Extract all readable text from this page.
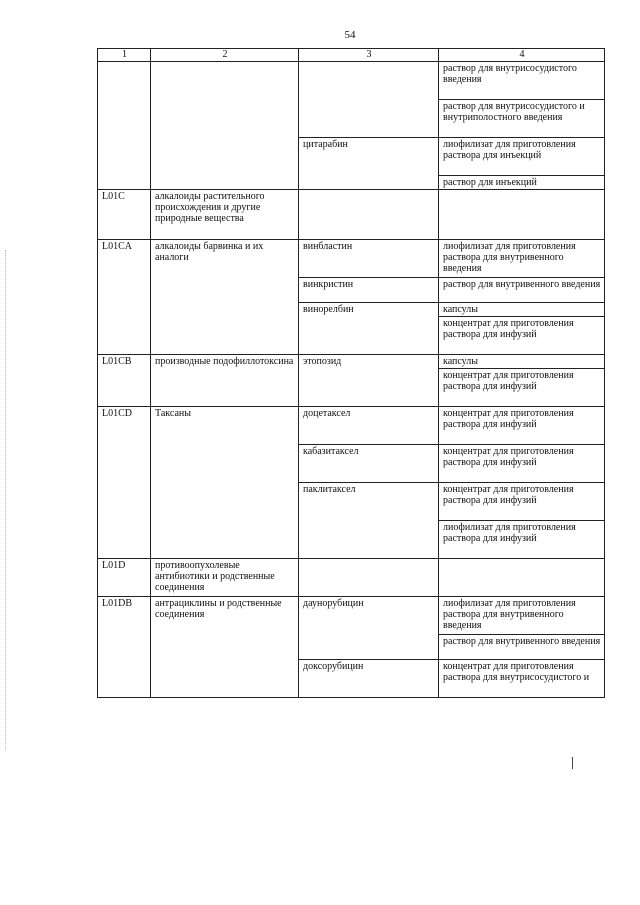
54
1	2	3	4
			раствор для внутрисосудистого введения
			раствор для внутрисосудистого и внутриполостного введения
		цитарабин	лиофилизат для приготовления раствора для инъекций
			раствор для инъекций
L01C	алкалоиды растительного происхождения и другие природные вещества		
L01CA	алкалоиды барвинка и их аналоги	винбластин	лиофилизат для приготовления раствора для внутривенного введения
		винкристин	раствор для внутривенного введения
		винорелбин	капсулы
			концентрат для приготовления раствора для инфузий
L01CB	производные подофиллотоксина	этопозид	капсулы
			концентрат для приготовления раствора для инфузий
L01CD	Таксаны	доцетаксел	концентрат для приготовления раствора для инфузий
		кабазитаксел	концентрат для приготовления раствора для инфузий
		паклитаксел	концентрат для приготовления раствора для инфузий
			лиофилизат для приготовления раствора для инфузий

L01D	противоопухолевые антибиотики и родственные соединения		
L01DB	антрациклины и родственные соединения	даунорубицин	лиофилизат для приготовления раствора для внутривенного введения
			раствор для внутривенного введения
		доксорубицин	концентрат для приготовления раствора для внутрисосудистого и
